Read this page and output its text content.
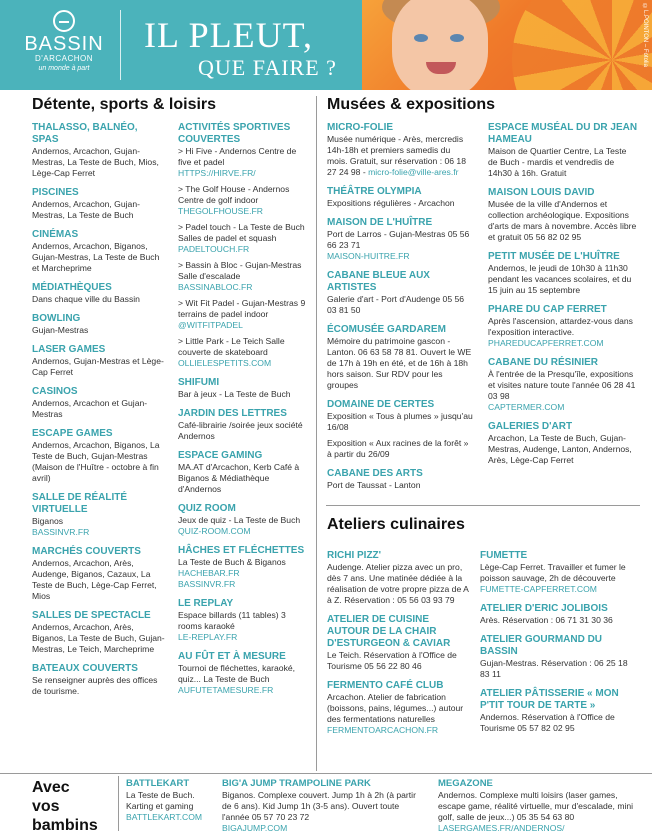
BASSIN
D'ARCACHON
un monde à part
IL PLEUT,
QUE FAIRE ?
©L.POINTON – Fotolia
Détente, sports & loisirs	Musées & expositions
Ateliers culinaires
THALASSO, BALNÉO, SPAS
Andernos, Arcachon, Gujan-Mestras, La Teste de Buch, Mios, Lège-Cap Ferret
PISCINES
Andernos, Arcachon, Gujan-Mestras, La Teste de Buch
CINÉMAS
Andernos, Arcachon, Biganos, Gujan-Mestras, La Teste de Buch et Marcheprime
MÉDIATHÈQUES
Dans chaque ville du Bassin
BOWLING
Gujan-Mestras
LASER GAMES
Andernos, Gujan-Mestras et Lège-Cap Ferret
CASINOS
Andernos, Arcachon et Gujan-Mestras
ESCAPE GAMES
Andernos, Arcachon, Biganos, La Teste de Buch, Gujan-Mestras (Maison de l'Huître - octobre à fin avril)
SALLE DE RÉALITÉ VIRTUELLE
Biganos
BASSINVR.FR
MARCHÉS COUVERTS
Andernos, Arcachon, Arès, Audenge, Biganos, Cazaux, La Teste de Buch, Lège-Cap Ferret, Mios
SALLES DE SPECTACLE
Andernos, Arcachon, Arès, Biganos, La Teste de Buch, Gujan-Mestras, Le Teich, Marcheprime
BATEAUX COUVERTS
Se renseigner auprès des offices de tourisme.
ACTIVITÉS SPORTIVES COUVERTES
> Hi Five - Andernos Centre de five et padel
HTTPS://HIRVE.FR/
> The Golf House - Andernos Centre de golf indoor
THEGOLFHOUSE.FR
> Padel touch - La Teste de Buch Salles de padel et squash
PADELTOUCH.FR
> Bassin à Bloc - Gujan-Mestras Salle d'escalade
BASSINABLOC.FR
> Wit Fit Padel - Gujan-Mestras 9 terrains de padel indoor
@WITFITPADEL
> Little Park - Le Teich Salle couverte de skateboard
OLLIELESPETITS.COM
SHIFUMI
Bar à jeux - La Teste de Buch
JARDIN DES LETTRES
Café-librairie /soirée jeux société Andernos
ESPACE GAMING
MA.AT d'Arcachon, Kerb Café à Biganos & Médiathèque d'Andernos
QUIZ ROOM
Jeux de quiz - La Teste de Buch
QUIZ-ROOM.COM
HÂCHES ET FLÉCHETTES
La Teste de Buch & Biganos
HACHEBAR.FR
BASSINVR.FR
LE REPLAY
Espace billards (11 tables) 3 rooms karaoké
LE-REPLAY.FR
AU FÛT ET À MESURE
Tournoi de fléchettes, karaoké, quiz... La Teste de Buch
AUFUTETAMESURE.FR
MICRO-FOLIE
Musée numérique - Arès, mercredis 14h-18h et premiers samedis du mois. Gratuit, sur réservation : 06 18 27 24 98 - micro-folie@ville-ares.fr
THÉÂTRE OLYMPIA
Expositions régulières - Arcachon
MAISON DE L'HUÎTRE
Port de Larros - Gujan-Mestras 05 56 66 23 71
MAISON-HUITRE.FR
CABANE BLEUE AUX ARTISTES
Galerie d'art - Port d'Audenge 05 56 03 81 50
ÉCOMUSÉE GARDAREM
Mémoire du patrimoine gascon - Lanton. 06 63 58 78 81. Ouvert le WE de 17h à 19h en été, et de 16h à 18h hors saison. Sur RDV pour les groupes
DOMAINE DE CERTES
Exposition « Tous à plumes » jusqu'au 16/08
Exposition « Aux racines de la forêt » à partir du 26/09
CABANE DES ARTS
Port de Taussat - Lanton
ESPACE MUSÉAL DU DR JEAN HAMEAU
Maison de Quartier Centre, La Teste de Buch - mardis et vendredis de 14h30 à 16h. Gratuit
MAISON LOUIS DAVID
Musée de la ville d'Andernos et collection archéologique. Expositions d'arts de mars à novembre. Accès libre et gratuit 05 56 82 02 95
PETIT MUSÉE DE L'HUÎTRE
Andernos, le jeudi de 10h30 à 11h30 pendant les vacances scolaires, et du 15 juin au 15 septembre
PHARE DU CAP FERRET
Après l'ascension, attardez-vous dans l'exposition interactive.
PHAREDUCAPFERRET.COM
CABANE DU RÉSINIER
À l'entrée de la Presqu'île, expositions et visites nature toute l'année 06 28 41 03 98
CAPTERMER.COM
GALERIES D'ART
Arcachon, La Teste de Buch, Gujan-Mestras, Audenge, Lanton, Andernos, Arès, Lège-Cap Ferret
RICHI PIZZ'
Audenge. Atelier pizza avec un pro, dès 7 ans. Une matinée dédiée à la réalisation de votre propre pizza de A à Z. Réservation : 05 56 03 93 79
ATELIER DE CUISINE AUTOUR DE LA CHAIR D'ESTURGEON & CAVIAR
Le Teich. Réservation à l'Office de Tourisme 05 56 22 80 46
FERMENTO CAFÉ CLUB
Arcachon. Atelier de fabrication (boissons, pains, légumes...) autour des fermentations naturelles
FERMENTOARCACHON.FR
FUMETTE
Lège-Cap Ferret. Travailler et fumer le poisson sauvage, 2h de découverte
FUMETTE-CAPFERRET.COM
ATELIER D'ERIC JOLIBOIS
Arès. Réservation : 06 71 31 30 36
ATELIER GOURMAND DU BASSIN
Gujan-Mestras. Réservation : 06 25 18 83 11
ATELIER PÂTISSERIE « MON P'TIT TOUR DE TARTE »
Andernos. Réservation à l'Office de Tourisme 05 57 82 02 95
Avec
vos
bambins
BATTLEKART
La Teste de Buch. Karting et gaming
BATTLEKART.COM
BIG'A JUMP TRAMPOLINE PARK
Biganos. Complexe couvert. Jump 1h à 2h (à partir de 6 ans). Kid Jump 1h (3-5 ans). Ouvert toute l'année 05 57 70 23 72
BIGAJUMP.COM
MEGAZONE
Andernos. Complexe multi loisirs (laser games, escape game, réalité virtuelle, mur d'escalade, mini golf, salle de jeux...) 05 35 54 63 80
LASERGAMES.FR/ANDERNOS/
